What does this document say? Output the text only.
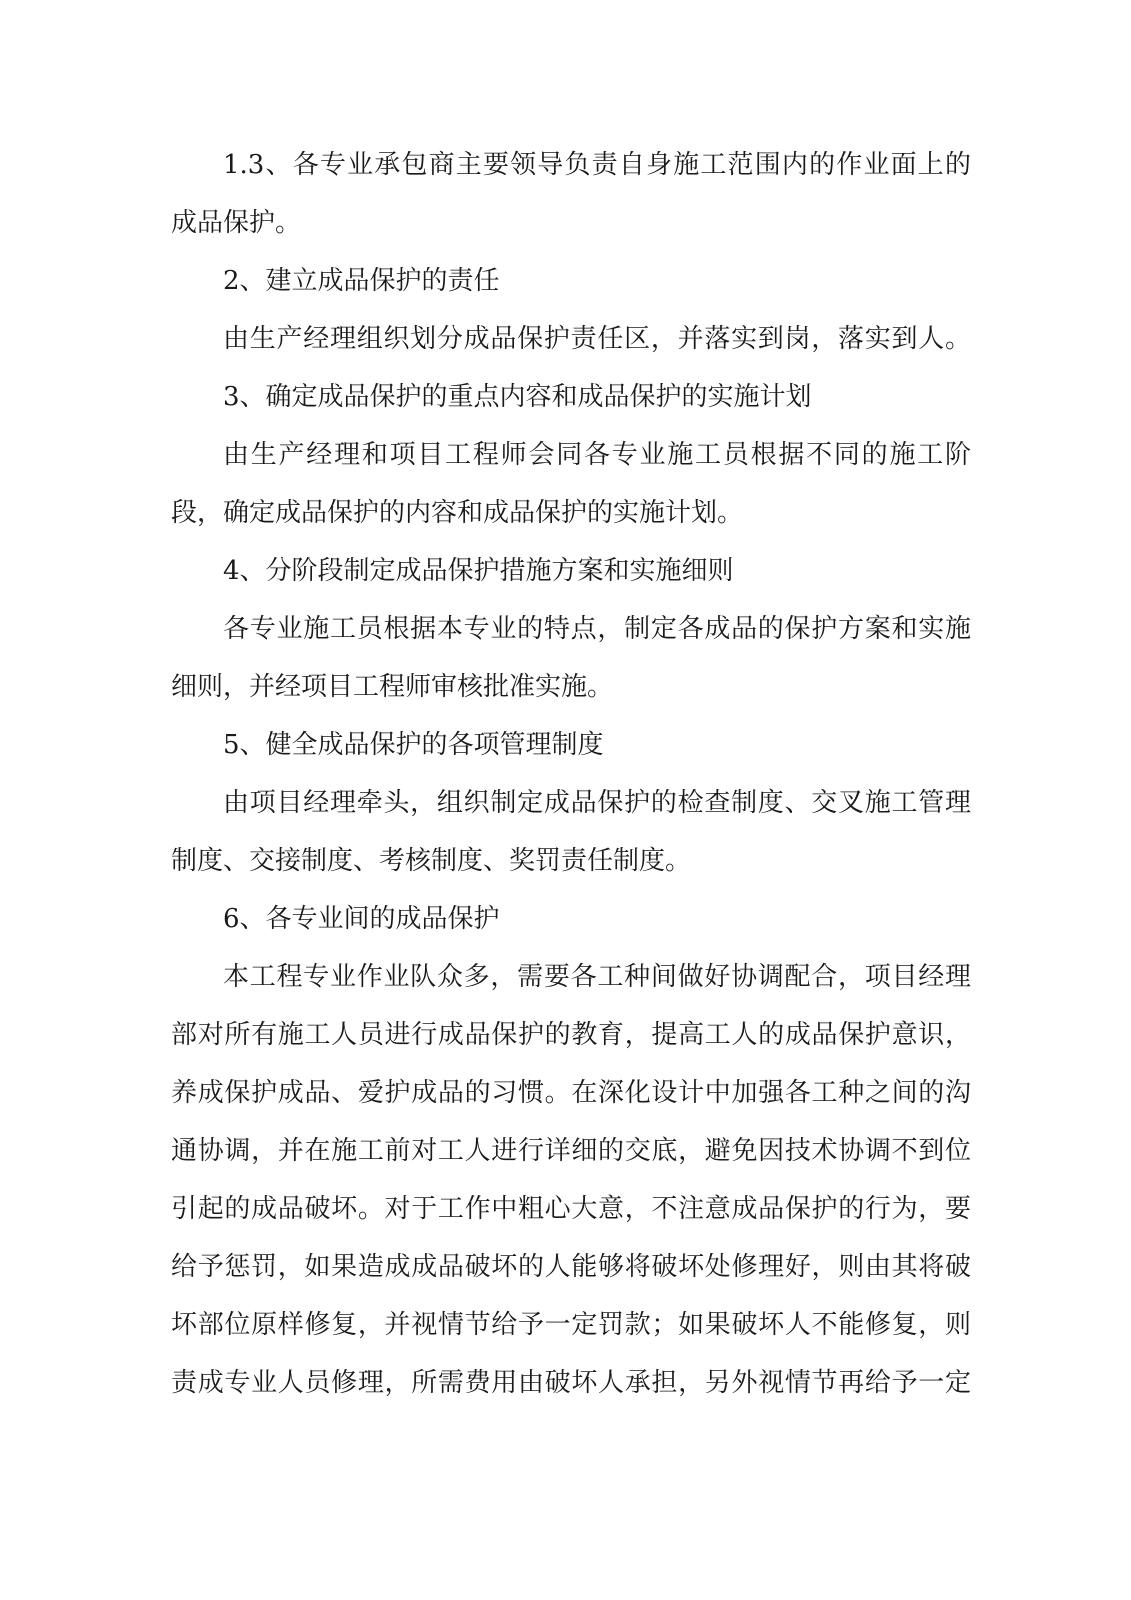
1.3、各专业承包商主要领导负责自身施工范围内的作业面上的
成品保护。
2、建立成品保护的责任
由生产经理组织划分成品保护责任区，并落实到岗，落实到人。
3、确定成品保护的重点内容和成品保护的实施计划
由生产经理和项目工程师会同各专业施工员根据不同的施工阶
段，确定成品保护的内容和成品保护的实施计划。
4、分阶段制定成品保护措施方案和实施细则
各专业施工员根据本专业的特点，制定各成品的保护方案和实施
细则，并经项目工程师审核批准实施。
5、健全成品保护的各项管理制度
由项目经理牵头，组织制定成品保护的检查制度、交叉施工管理
制度、交接制度、考核制度、奖罚责任制度。
6、各专业间的成品保护
本工程专业作业队众多，需要各工种间做好协调配合，项目经理
部对所有施工人员进行成品保护的教育，提高工人的成品保护意识，
养成保护成品、爱护成品的习惯。在深化设计中加强各工种之间的沟
通协调，并在施工前对工人进行详细的交底，避免因技术协调不到位
引起的成品破坏。对于工作中粗心大意，不注意成品保护的行为，要
给予惩罚，如果造成成品破坏的人能够将破坏处修理好，则由其将破
坏部位原样修复，并视情节给予一定罚款；如果破坏人不能修复，则
责成专业人员修理，所需费用由破坏人承担，另外视情节再给予一定
